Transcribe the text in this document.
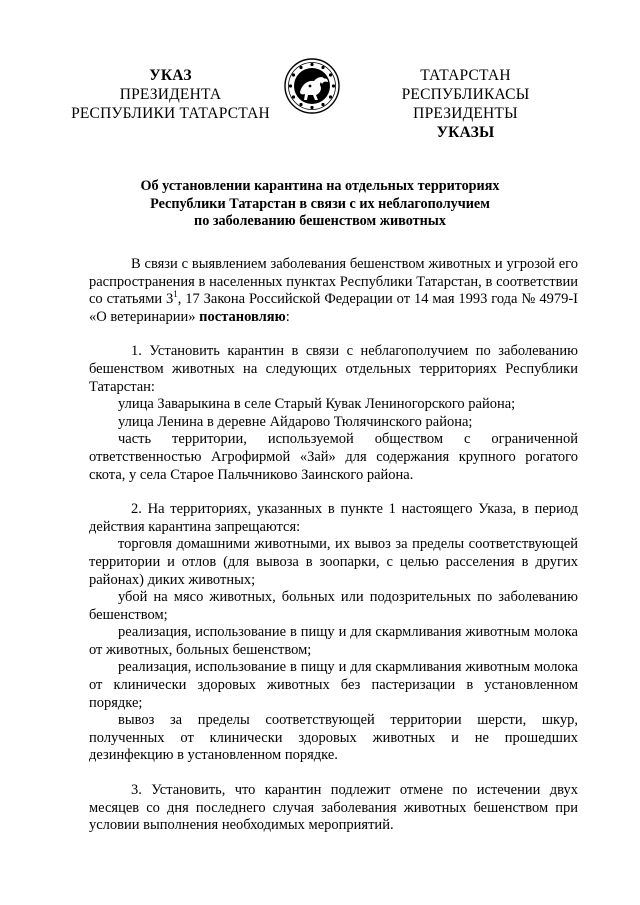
УКАЗ
ПРЕЗИДЕНТА
РЕСПУБЛИКИ ТАТАРСТАН
ТАТАРСТАН РЕСПУБЛИКАСЫ
ПРЕЗИДЕНТЫ
УКАЗЫ
Об установлении карантина на отдельных территориях
Республики Татарстан в связи с их неблагополучием
по заболеванию бешенством животных

В связи с выявлением заболевания бешенством животных и угрозой его распространения в населенных пунктах Республики Татарстан, в соответствии со статьями $3^1$, 17 Закона Российской Федерации от 14 мая 1993 года № 4979-I «О ветеринарии» постановляю:

1. Установить карантин в связи с неблагополучием по заболеванию бешенством животных на следующих отдельных территориях Республики Татарстан:

улица Заварыкина в селе Старый Кувак Лениногорского района;

улица Ленина в деревне Айдарово Тюлячинского района;

часть территории, используемой обществом с ограниченной ответственностью Агрофирмой «Зай» для содержания крупного рогатого скота, у села Старое Пальчниково Заинского района.

2. На территориях, указанных в пункте 1 настоящего Указа, в период действия карантина запрещаются:

торговля домашними животными, их вывоз за пределы соответствующей территории и отлов (для вывоза в зоопарки, с целью расселения в других районах) диких животных;

убой на мясо животных, больных или подозрительных по заболеванию бешенством;

реализация, использование в пищу и для скармливания животным молока от животных, больных бешенством;

реализация, использование в пищу и для скармливания животным молока от клинически здоровых животных без пастеризации в установленном порядке;

вывоз за пределы соответствующей территории шерсти, шкур, полученных от клинически здоровых животных и не прошедших дезинфекцию в установленном порядке.

3. Установить, что карантин подлежит отмене по истечении двух месяцев со дня последнего случая заболевания животных бешенством при условии выполнения необходимых мероприятий.
